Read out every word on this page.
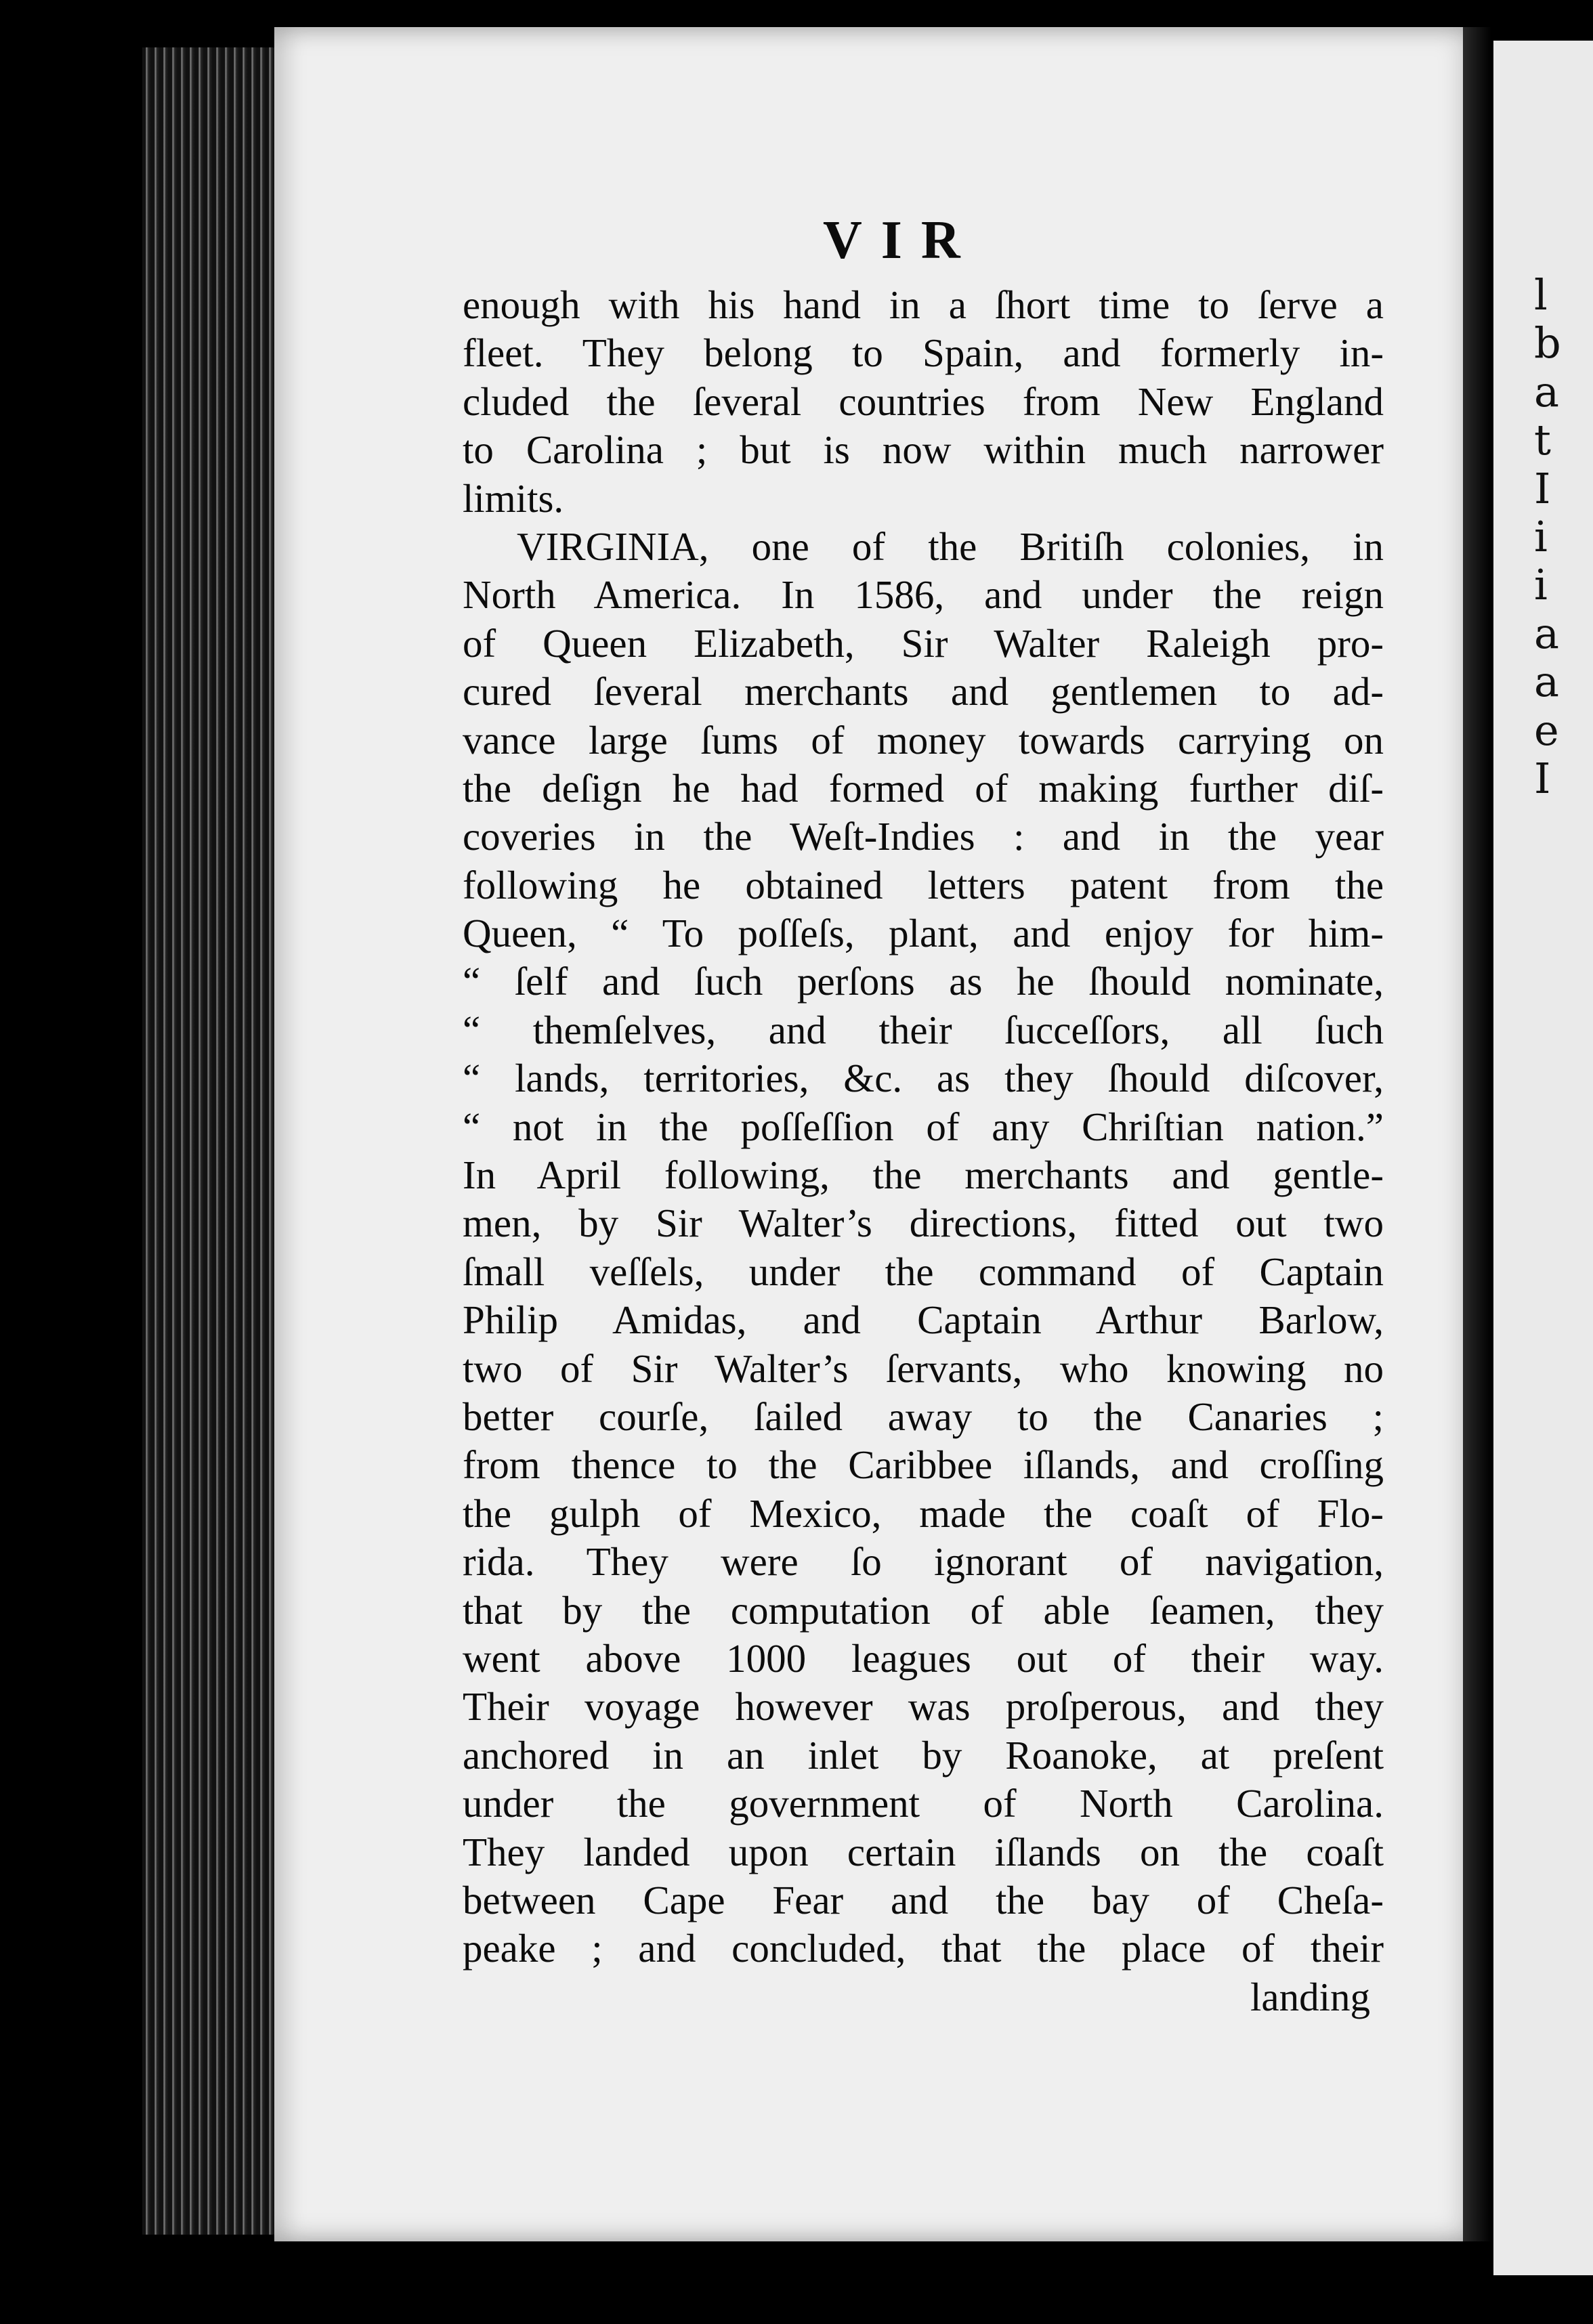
l
b
a
t
I
i
i
a
a
e
I
VIR
enough with his hand in a ſhort time to ſerve a
fleet. They belong to Spain, and formerly in-
cluded the ſeveral countries from New England
to Carolina ; but is now within much narrower
limits.
VIRGINIA, one of the Britiſh colonies, in
North America. In 1586, and under the reign
of Queen Elizabeth, Sir Walter Raleigh pro-
cured ſeveral merchants and gentlemen to ad-
vance large ſums of money towards carrying on
the deſign he had formed of making further diſ-
coveries in the Weſt-Indies : and in the year
following he obtained letters patent from the
Queen, “ To poſſeſs, plant, and enjoy for him-
“ ſelf and ſuch perſons as he ſhould nominate,
“ themſelves, and their ſucceſſors, all ſuch
“ lands, territories, &c. as they ſhould diſcover,
“ not in the poſſeſſion of any Chriſtian nation.”
In April following, the merchants and gentle-
men, by Sir Walter’s directions, fitted out two
ſmall veſſels, under the command of Captain
Philip Amidas, and Captain Arthur Barlow,
two of Sir Walter’s ſervants, who knowing no
better courſe, ſailed away to the Canaries ;
from thence to the Caribbee iſlands, and croſſing
the gulph of Mexico, made the coaſt of Flo-
rida. They were ſo ignorant of navigation,
that by the computation of able ſeamen, they
went above 1000 leagues out of their way.
Their voyage however was proſperous, and they
anchored in an inlet by Roanoke, at preſent
under the government of North Carolina.
They landed upon certain iſlands on the coaſt
between Cape Fear and the bay of Cheſa-
peake ; and concluded, that the place of their
landing
